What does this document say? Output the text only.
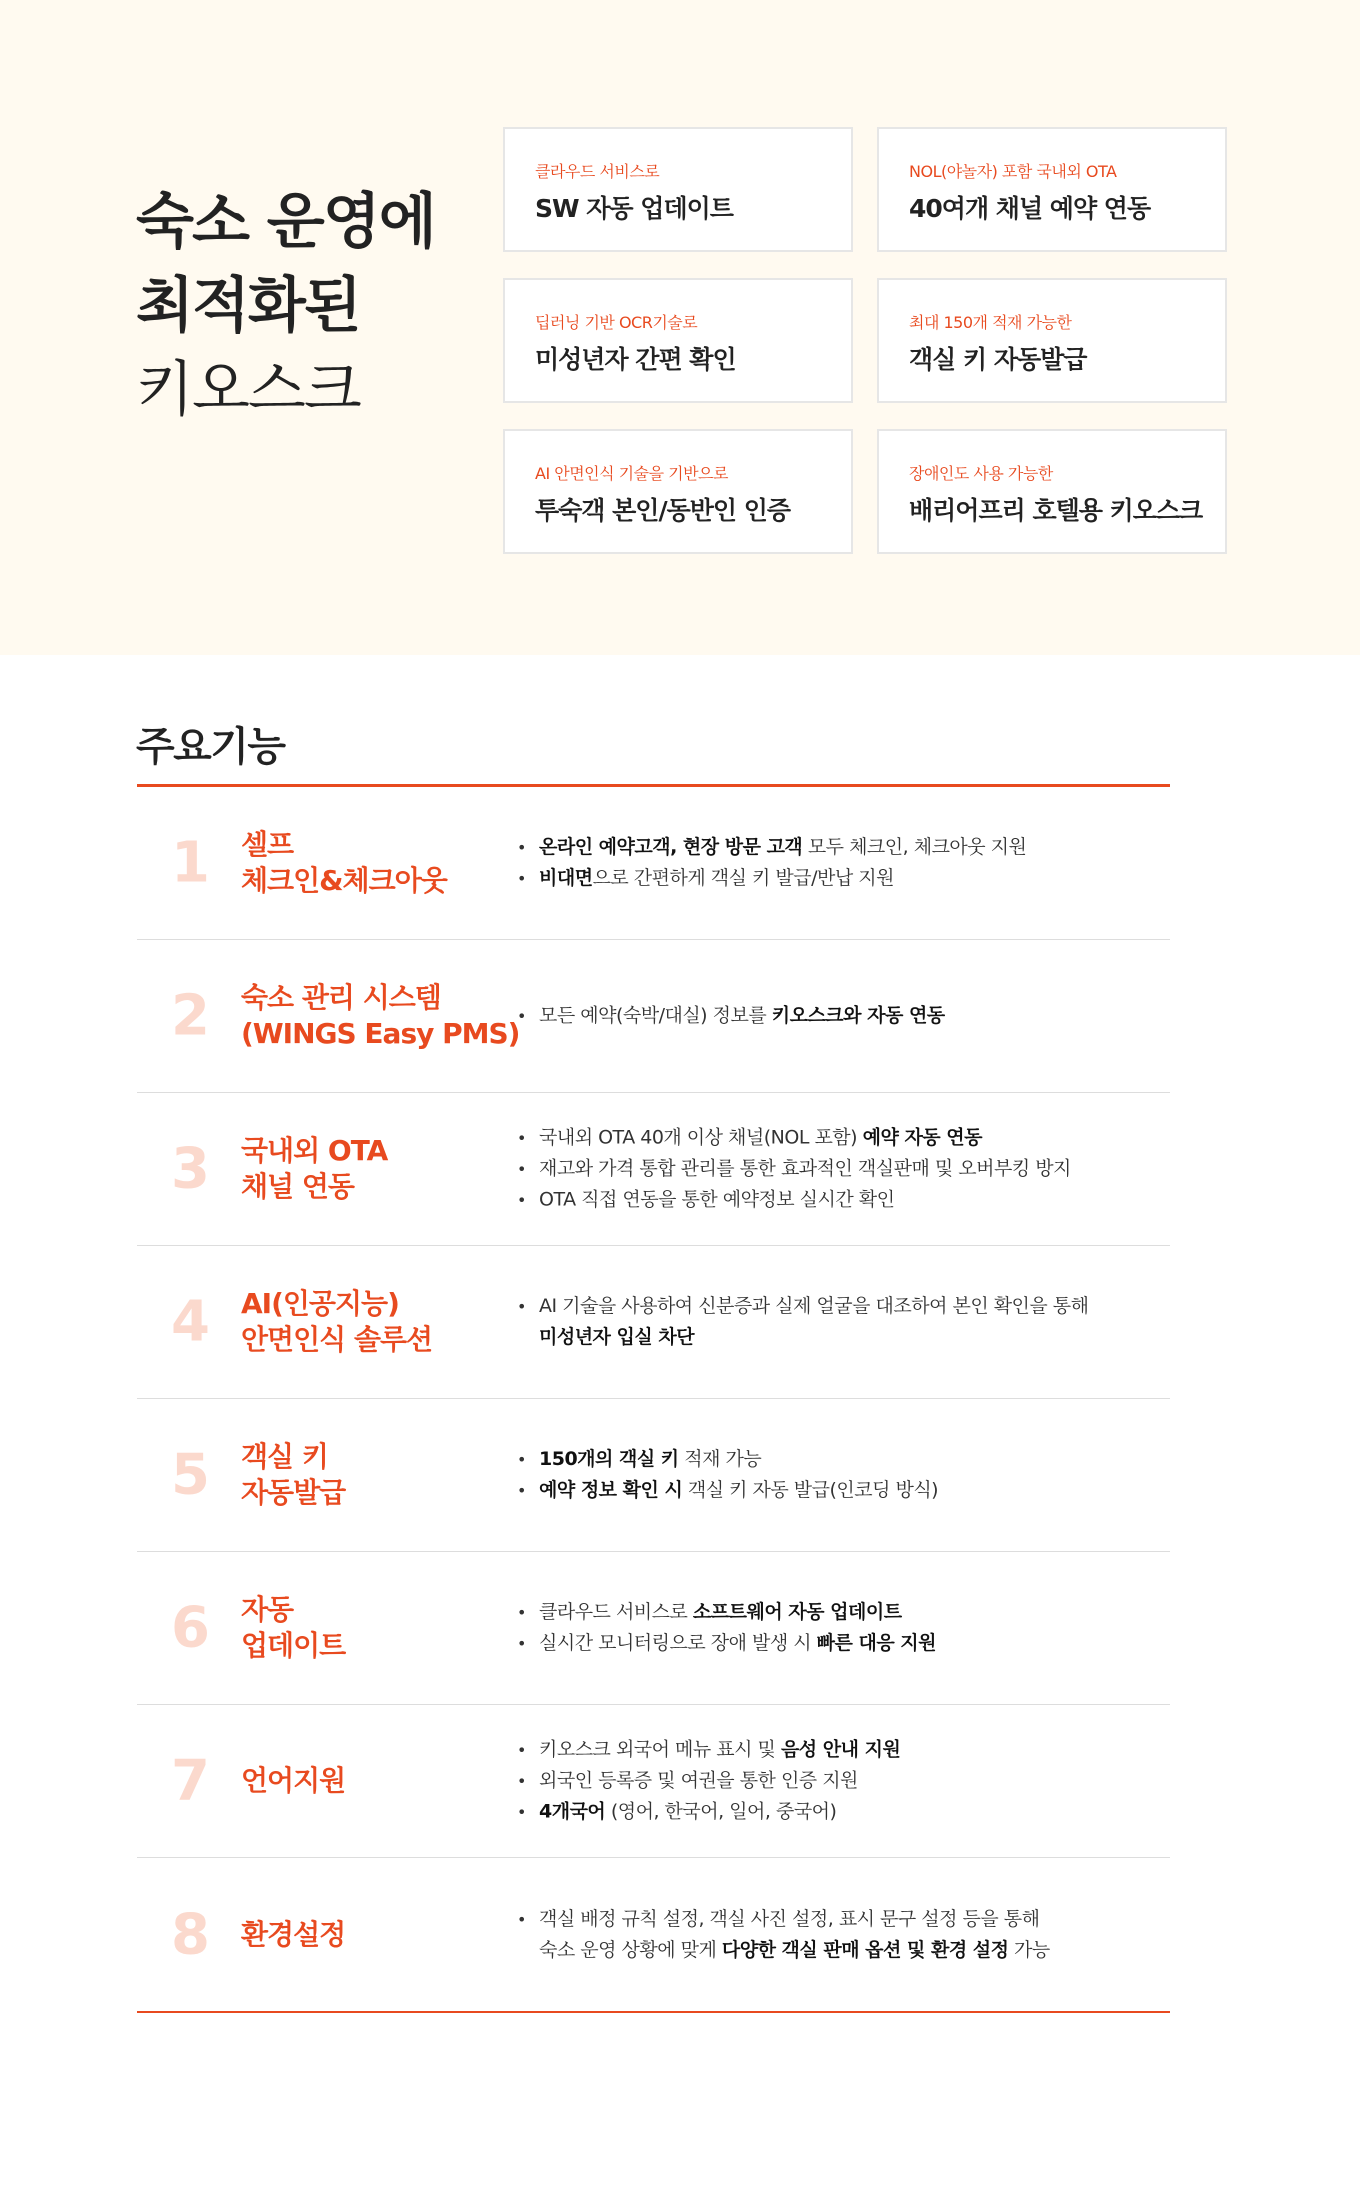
숙소 운영에
최적화된
키오스크
클라우드 서비스로
SW 자동 업데이트
NOL(야놀자) 포함 국내외 OTA
40여개 채널 예약 연동
딥러닝 기반 OCR기술로
미성년자 간편 확인
최대 150개 적재 가능한
객실 키 자동발급
AI 안면인식 기술을 기반으로
투숙객 본인/동반인 인증
장애인도 사용 가능한
배리어프리 호텔용 키오스크
주요기능
1 셀프
체크인&체크아웃
• 온라인 예약고객, 현장 방문 고객 모두 체크인, 체크아웃 지원
• 비대면으로 간편하게 객실 키 발급/반납 지원
2 숙소 관리 시스템
(WINGS Easy PMS)
• 모든 예약(숙박/대실) 정보를 키오스크와 자동 연동
3 국내외 OTA
채널 연동
• 국내외 OTA 40개 이상 채널(NOL 포함) 예약 자동 연동
• 재고와 가격 통합 관리를 통한 효과적인 객실판매 및 오버부킹 방지
• OTA 직접 연동을 통한 예약정보 실시간 확인
4 AI(인공지능)
안면인식 솔루션
• AI 기술을 사용하여 신분증과 실제 얼굴을 대조하여 본인 확인을 통해
미성년자 입실 차단
5 객실 키
자동발급
• 150개의 객실 키 적재 가능
• 예약 정보 확인 시 객실 키 자동 발급(인코딩 방식)
6 자동
업데이트
• 클라우드 서비스로 소프트웨어 자동 업데이트
• 실시간 모니터링으로 장애 발생 시 빠른 대응 지원
7 언어지원
• 키오스크 외국어 메뉴 표시 및 음성 안내 지원
• 외국인 등록증 및 여권을 통한 인증 지원
• 4개국어 (영어, 한국어, 일어, 중국어)
8 환경설정
•	객실 배정 규칙 설정, 객실 사진 설정, 표시 문구 설정 등을 통해
숙소 운영 상황에 맞게 다양한 객실 판매 옵션 및 환경 설정 가능
